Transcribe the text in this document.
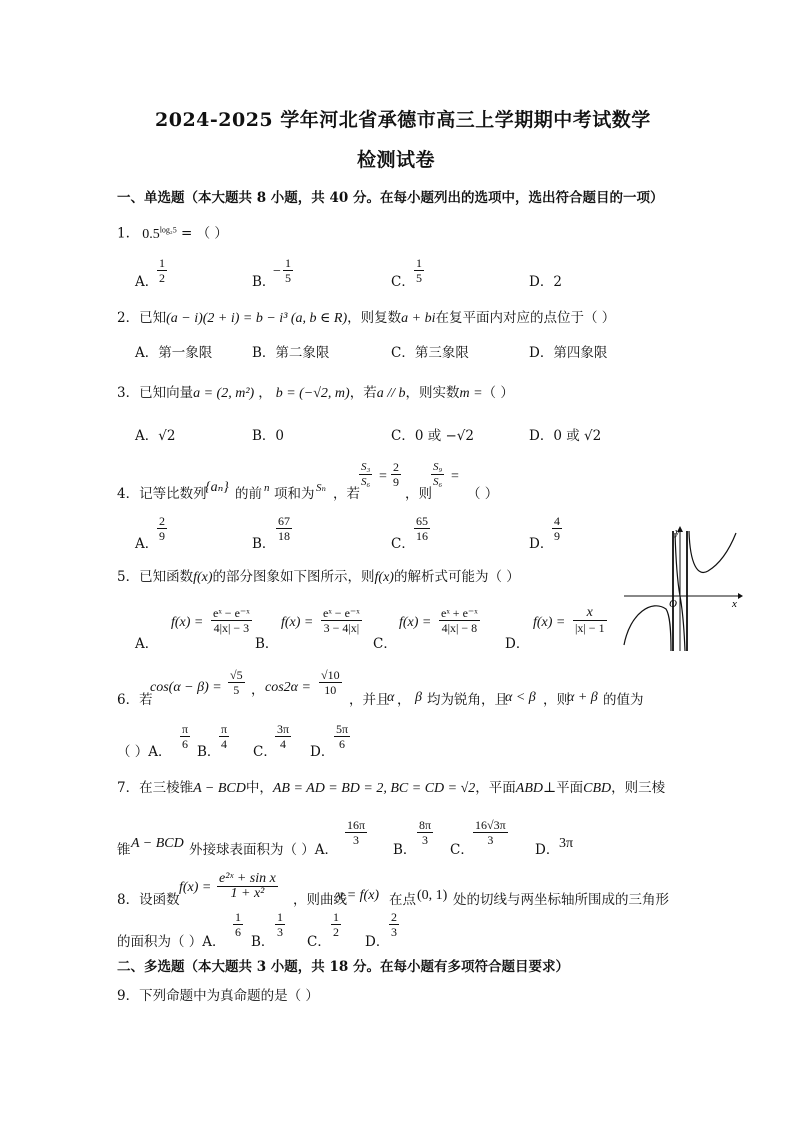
2024-2025 学年河北省承德市高三上学期期中考试数学
检测试卷
一、单选题（本大题共 8 小题，共 40 分。在每小题列出的选项中，选出符合题目的一项）
1. $0.5^{log_25}$ = （ ）
A．
$\frac{1}{2}$	B．
− $\frac{1}{5}$	C． $\frac{1}{5}$	D．2
2．已知(a − i)(2 + i) = b − i³ (a, b ∈ R)，则复数a + bi在复平面内对应的点位于（ ）
A．第一象限	B．第二象限	C．第三象限	D．第四象限
3．已知向量a = (2, m²) ， b = (−√2, m)，若a // b，则实数m =（ ）
A．√2	B．0	C．0 或 −√2	D．0 或 √2
4．记等比数列
{aₙ} 的前 n 项和为 Sₙ ，若
$\frac{\text{S₃}}{\text{S₆}} = \frac{2}{9}$
，则
$\frac{\text{S₉}}{\text{S₆}}$ =
（ ）
A．
$\frac{2}{9}$
B．
$\frac{67}{18}$
C．
$\frac{65}{16}$
D．
$\frac{4}{9}$
5．已知函数f(x)的部分图象如下图所示，则f(x)的解析式可能为（ ）
A．
$f(x) = \frac{\text{eˣ − e⁻ˣ}}{4|x| - 3}$
B．
$f(x) = \frac{\text{eˣ − e⁻ˣ}}{3 - 4|x|}$
C．
$f(x) = \frac{\text{eˣ + e⁻ˣ}}{4|x| - 8}$
D．
$f(x) = \frac{x}{|x| - 1}$
y
x
O
6．若
$\cos(\alpha - \beta) = \frac{√5}{5}$ ， $\cos 2\alpha = \frac{√10}{10}$
，并且
α ， β 均为锐角，且
α < β ，则
α + β 的值为
（ ）A．
$\frac{\pi}{6}$
B．
$\frac{\pi}{4}$
C．
$\frac{3\pi}{4}$
D．
$\frac{5\pi}{6}$
7．在三棱锥A − BCD中，AB = AD = BD = 2, BC = CD = √2，平面ABD⊥平面CBD，则三棱
锥 A − BCD 外接球表面积为（ ）A．
$\frac{16\pi}{3}$
B．
$\frac{8\pi}{3}$
C．
$\frac{16√3\pi}{3}$
D． 3π
8．设函数
$f(x) = \frac{\text{e²ˣ + sin x}}{\text{1 + x²}}$ ，则曲线
y = f(x) 在点 (0, 1) 处的切线与两坐标轴所围成的三角形
的面积为（ ）A．
$\frac{1}{6}$
B．
$\frac{1}{3}$
C．
$\frac{1}{2}$
D．
$\frac{2}{3}$
二、多选题（本大题共 3 小题，共 18 分。在每小题有多项符合题目要求）
9．下列命题中为真命题的是（ ）
